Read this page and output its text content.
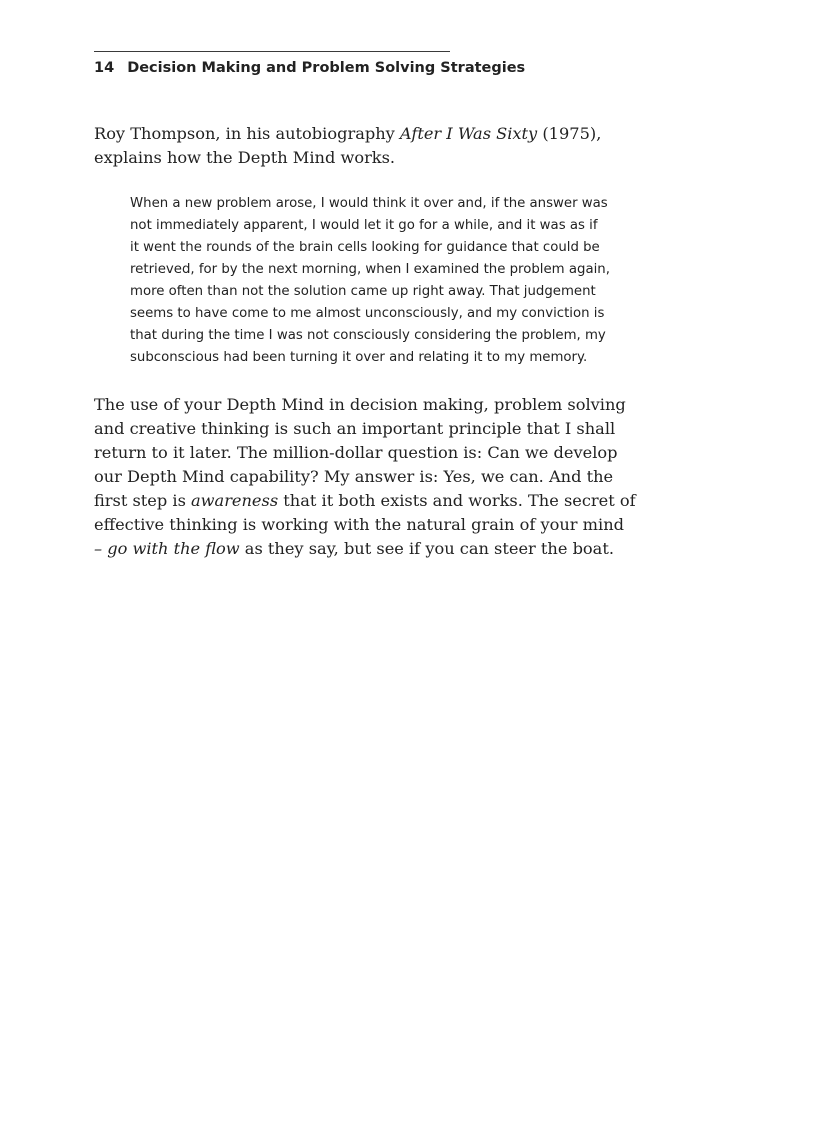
14 Decision Making and Problem Solving Strategies

Roy Thompson, in his autobiography After I Was Sixty (1975),
explains how the Depth Mind works.

When a new problem arose, I would think it over and, if the answer was
not immediately apparent, I would let it go for a while, and it was as if
it went the rounds of the brain cells looking for guidance that could be
retrieved, for by the next morning, when I examined the problem again,
more often than not the solution came up right away. That judgement
seems to have come to me almost unconsciously, and my conviction is
that during the time I was not consciously considering the problem, my
subconscious had been turning it over and relating it to my memory.

The use of your Depth Mind in decision making, problem solving
and creative thinking is such an important principle that I shall
return to it later. The million-dollar question is: Can we develop
our Depth Mind capability? My answer is: Yes, we can. And the
first step is awareness that it both exists and works. The secret of
effective thinking is working with the natural grain of your mind
– go with the flow as they say, but see if you can steer the boat.
